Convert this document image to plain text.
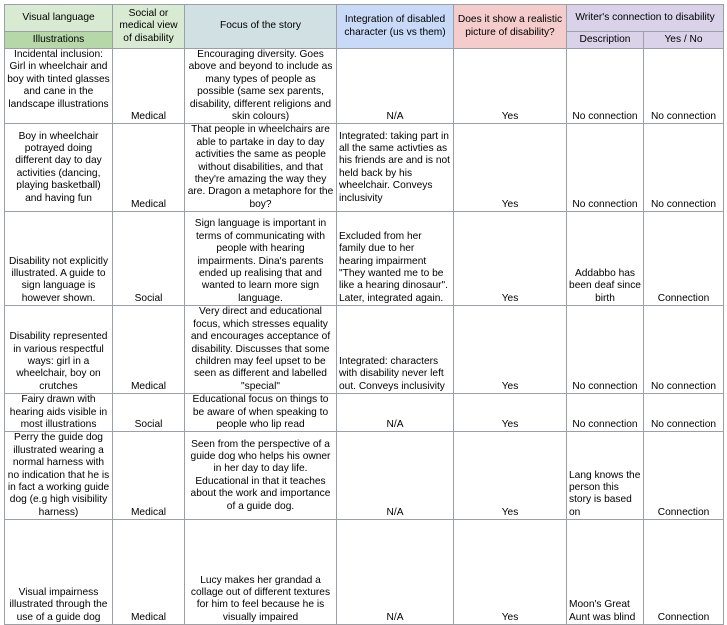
Visual language	Social or medical view of disability	Focus of the story	Integration of disabled character (us vs them)	Does it show a realistic picture of disability?	Writer's connection to disability	
Illustrations					Description	Yes / No
Incidental inclusion: Girl in wheelchair and boy with tinted glasses and cane in the landscape illustrations	Medical	Encouraging diversity. Goes above and beyond to include as many types of people as possible (same sex parents, disability, different religions and skin colours)	N/A	Yes	No connection	No connection
Boy in wheelchair potrayed doing different day to day activities (dancing, playing basketball) and having fun	Medical	That people in wheelchairs are able to partake in day to day activities the same as people without disabilities, and that they're amazing the way they are. Dragon a metaphore for the boy?	Integrated: taking part in all the same activties as his friends are and is not held back by his wheelchair. Conveys inclusivity	Yes	No connection	No connection
Disability not explicitly illustrated. A guide to sign language is however shown.	Social	Sign language is important in terms of communicating with people with hearing impairments. Dina's parents ended up realising that and wanted to learn more sign language.	Excluded from her family due to her hearing impairment "They wanted me to be like a hearing dinosaur". Later, integrated again.	Yes	Addabbo has been deaf since birth	Connection
Disability represented in various respectful ways: girl in a wheelchair, boy on crutches	Medical	Very direct and educational focus, which stresses equality and encourages acceptance of disability. Discusses that some children may feel upset to be seen as different and labelled "special"	Integrated: characters with disability never left out. Conveys inclusivity	Yes	No connection	No connection
Fairy drawn with hearing aids visible in most illustrations	Social	Educational focus on things to be aware of when speaking to people who lip read	N/A	Yes	No connection	No connection
Perry the guide dog illustrated wearing a normal harness with no indication that he is in fact a working guide dog (e.g high visibility harness)	Medical	Seen from the perspective of a guide dog who helps his owner in her day to day life. Educational in that it teaches about the work and importance of a guide dog.	N/A	Yes	Lang knows the person this story is based on	Connection
Visual impairness illustrated through the use of a guide dog	Medical	Lucy makes her grandad a collage out of different textures for him to feel because he is visually impaired	N/A	Yes	Moon's Great Aunt was blind	Connection
